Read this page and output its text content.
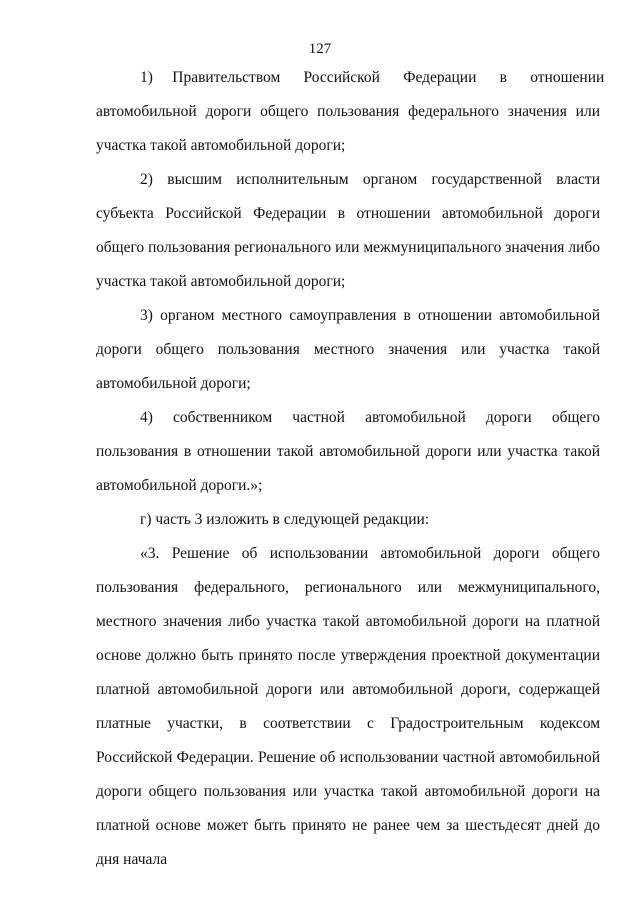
127

1)     Правительством      Российской      Федерации      в      отношении автомобильной дороги общего пользования федерального значения или участка такой автомобильной дороги;

2) высшим исполнительным органом государственной власти субъекта Российской Федерации в отношении автомобильной дороги общего пользования регионального или межмуниципального значения либо участка такой автомобильной дороги;

3) органом местного самоуправления в отношении автомобильной дороги общего пользования местного значения или участка такой автомобильной дороги;

4) собственником частной автомобильной дороги общего пользования в отношении такой автомобильной дороги или участка такой автомобильной дороги.»;

г) часть 3 изложить в следующей редакции:

«3. Решение об использовании автомобильной дороги общего пользования федерального, регионального или межмуниципального, местного значения либо участка такой автомобильной дороги на платной основе должно быть принято после утверждения проектной документации платной автомобильной дороги или автомобильной дороги, содержащей платные участки, в соответствии с Градостроительным кодексом Российской Федерации. Решение об использовании частной автомобильной дороги общего пользования или участка такой автомобильной дороги на платной основе может быть принято не ранее чем за шестьдесят дней до дня начала
